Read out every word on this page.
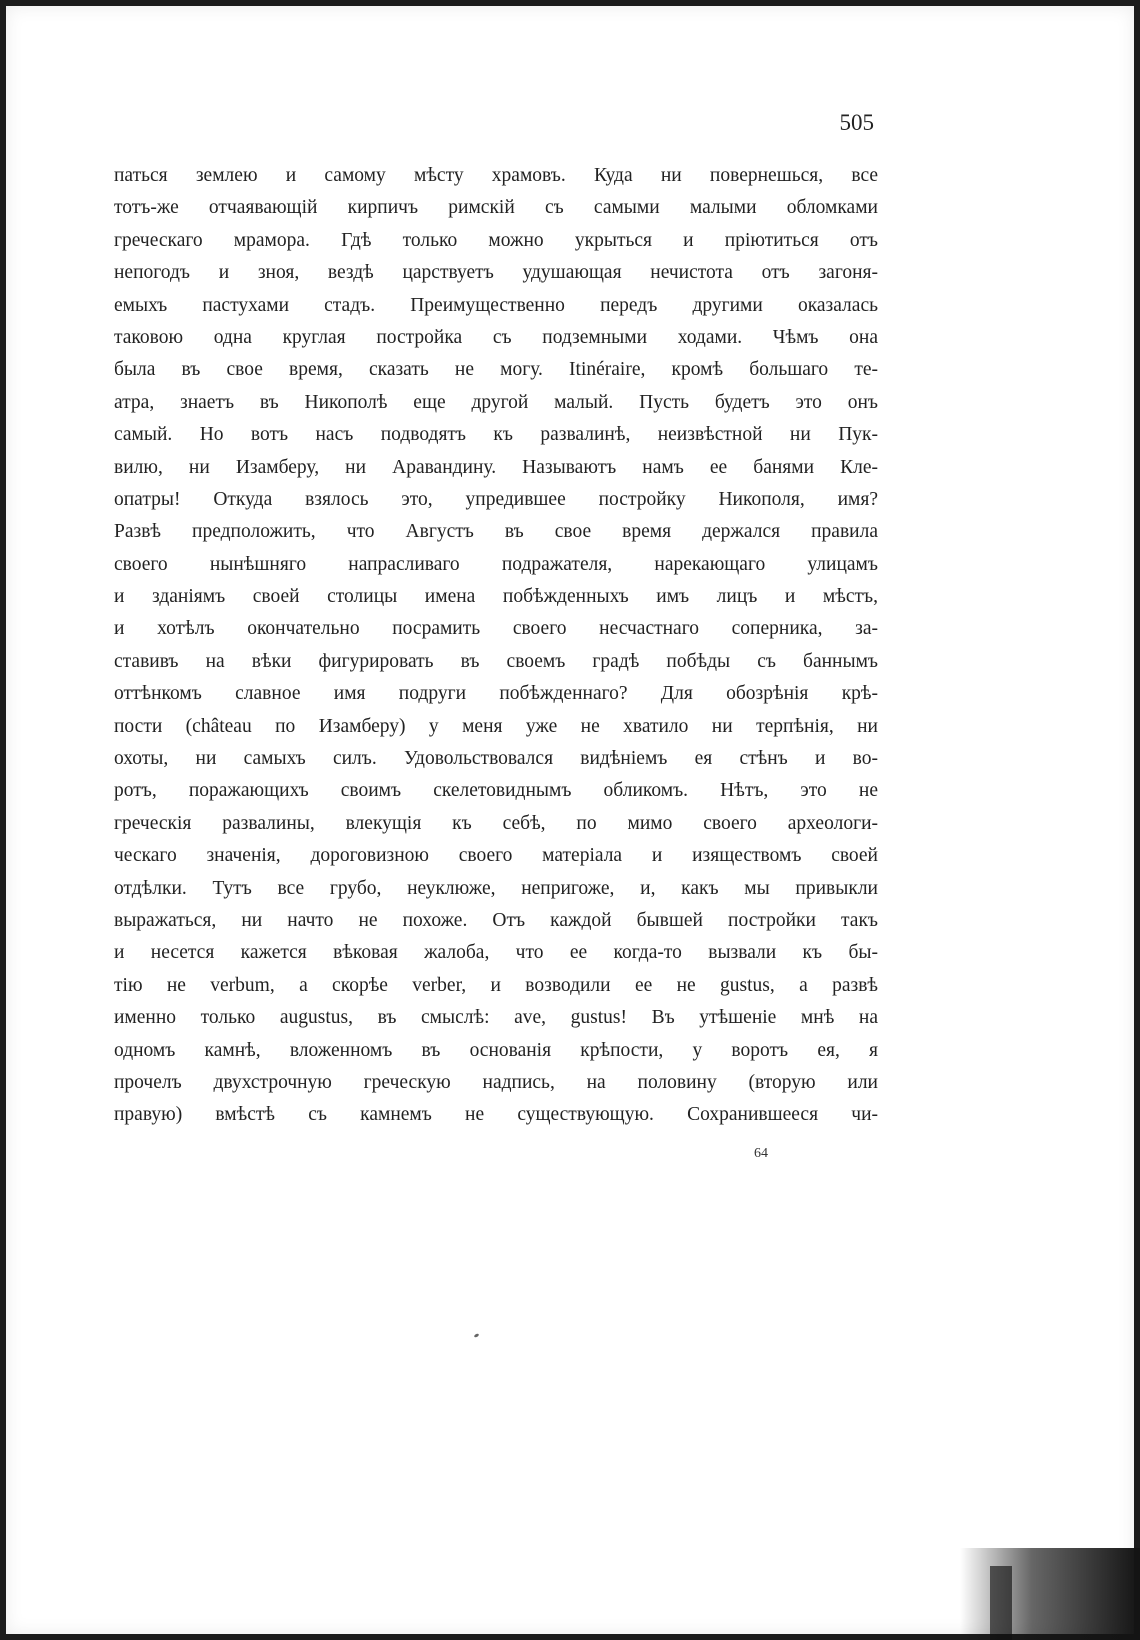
505
паться землею и самому мѣсту храмовъ. Куда ни повернешься, все
тотъ-же отчаявающій кирпичъ римскій съ самыми малыми обломками
греческаго мрамора. Гдѣ только можно укрыться и пріютиться отъ
непогодъ и зноя, вездѣ царствуетъ удушающая нечистота отъ загоня-
емыхъ пастухами стадъ. Преимущественно передъ другими оказалась
таковою одна круглая постройка съ подземными ходами. Чѣмъ она
была въ свое время, сказать не могу. Itinéraire, кромѣ большаго те-
атра, знаетъ въ Никополѣ еще другой малый. Пусть будетъ это онъ
самый. Но вотъ насъ подводятъ къ развалинѣ, неизвѣстной ни Пук-
вилю, ни Изамберу, ни Аравандину. Называютъ намъ ее банями Кле-
опатры! Откуда взялось это, упредившее постройку Никополя, имя?
Развѣ предположить, что Августъ въ свое время держался правила
своего нынѣшняго напрасливаго подражателя, нарекающаго улицамъ
и зданіямъ своей столицы имена побѣжденныхъ имъ лицъ и мѣстъ,
и хотѣлъ окончательно посрамить своего несчастнаго соперника, за-
ставивъ на вѣки фигурировать въ своемъ градѣ побѣды съ баннымъ
оттѣнкомъ славное имя подруги побѣжденнаго? Для обозрѣнія крѣ-
пости (château по Изамберу) у меня уже не хватило ни терпѣнія, ни
охоты, ни самыхъ силъ. Удовольствовался видѣніемъ ея стѣнъ и во-
ротъ, поражающихъ своимъ скелетовиднымъ обликомъ. Нѣтъ, это не
греческія развалины, влекущія къ себѣ, по мимо своего археологи-
ческаго значенія, дороговизною своего матеріала и изяществомъ своей
отдѣлки. Тутъ все грубо, неуклюже, непригоже, и, какъ мы привыкли
выражаться, ни начто не похоже. Отъ каждой бывшей постройки такъ
и несется кажется вѣковая жалоба, что ее когда-то вызвали къ бы-
тію не verbum, а скорѣе verber, и возводили ее не gustus, а развѣ
именно только augustus, въ смыслѣ: ave, gustus! Въ утѣшеніе мнѣ на
одномъ камнѣ, вложенномъ въ основанія крѣпости, у воротъ ея, я
прочелъ двухстрочную греческую надпись, на половину (вторую или
правую) вмѣстѣ съ камнемъ не существующую. Сохранившееся чи-
64
